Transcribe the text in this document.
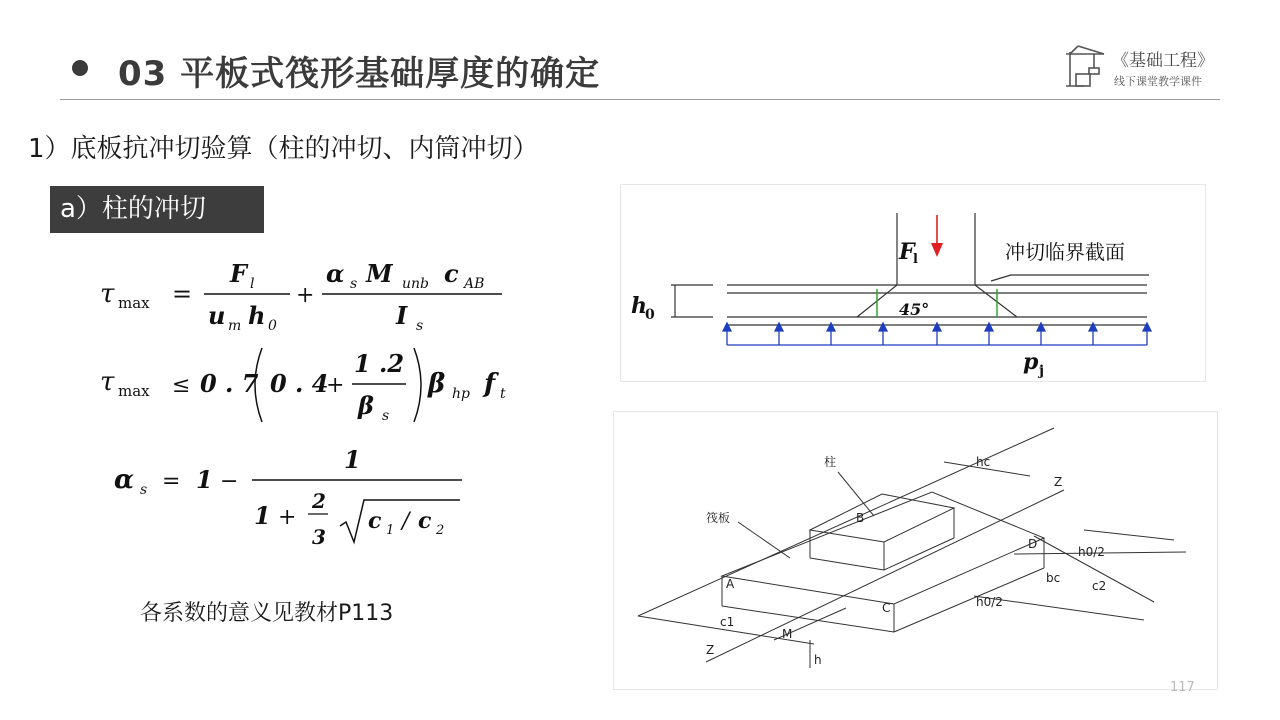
03 平板式筏形基础厚度的确定	《基础工程》
线下课堂教学课件
1）底板抗冲切验算（柱的冲切、内筒冲切）
a）柱的冲切
τ max =
F l
u m h 0
+
α s M unb c AB
I s
τ max ≤ 0 . 7 0 . 4
+
1 .2
β s
β hp f t
α s = 1 −
1
1 +
2
3
c 1 / c 2
各系数的意义见教材P113
F
l
h
0	45°
p j
冲切临界截面
柱
筏板
hc
Z
Z
B
D
A
C
M
h
c1
c2
bc
h0/2
h0/2
117
